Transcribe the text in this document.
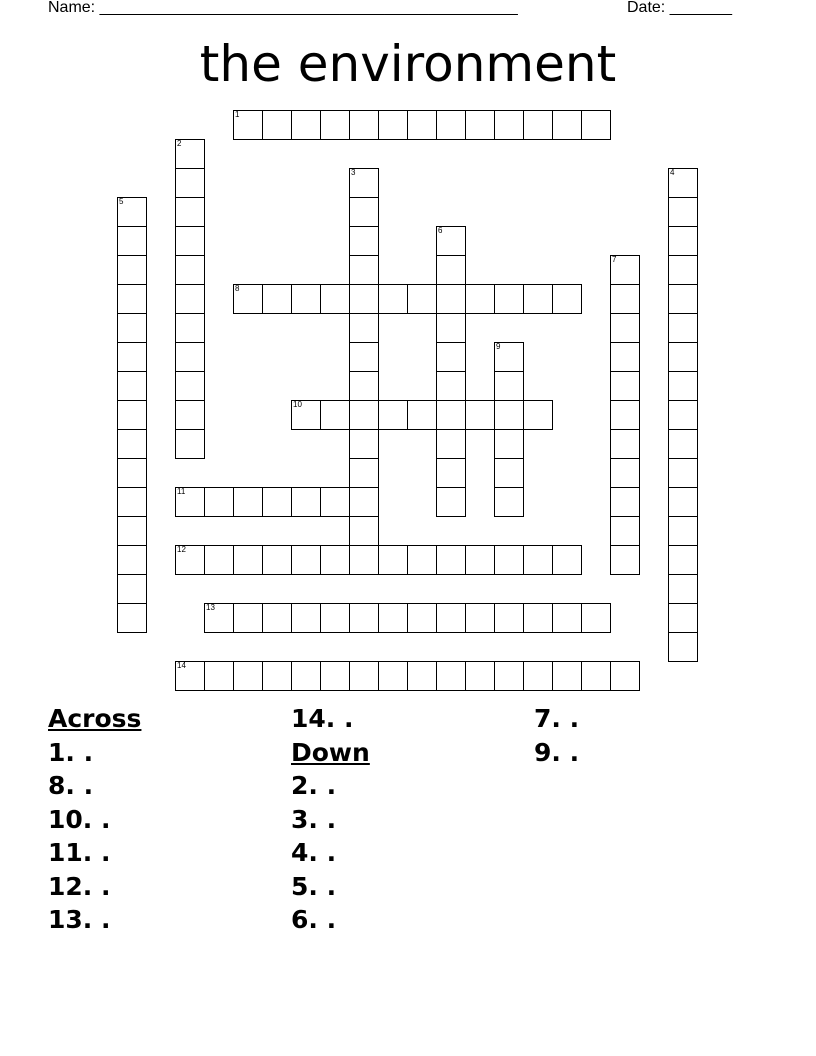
Name: _______________________________________________	Date: _______
the environment
1
2
3	4
5
6
7
8
9
10
11
12
13
14
Across
1. .
8. .
10. .
11. .
12. .
13. .
14. .
Down
2. .
3. .
4. .
5. .
6. .
7. .
9. .
